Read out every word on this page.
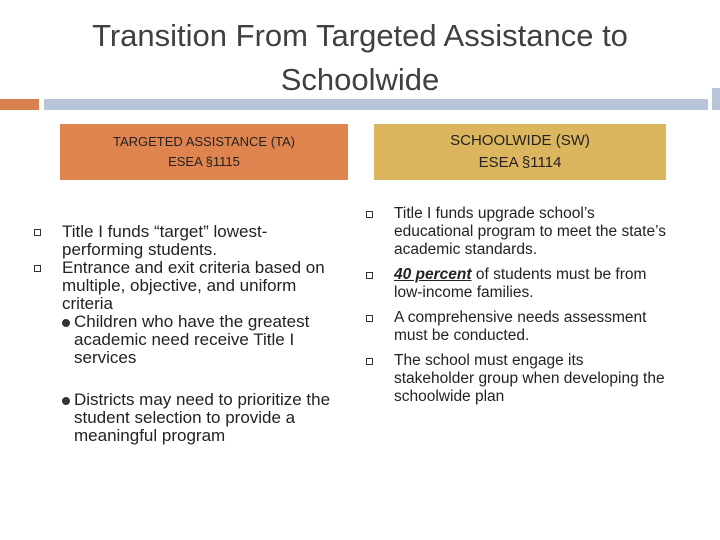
Transition From Targeted Assistance to
Schoolwide
TARGETED ASSISTANCE (TA)
ESEA §1115
SCHOOLWIDE (SW)
ESEA §1114
Title I funds “target” lowest-performing students.
Entrance and exit criteria based on multiple, objective, and uniform criteria
Children who have the greatest academic need receive Title I services
Districts may need to prioritize the student selection to provide a meaningful program
Title I funds upgrade school’s educational program to meet the state’s academic standards.
40 percent of students must be from low-income families.
A comprehensive needs assessment must be conducted.
The school must engage its stakeholder group when developing the schoolwide plan
